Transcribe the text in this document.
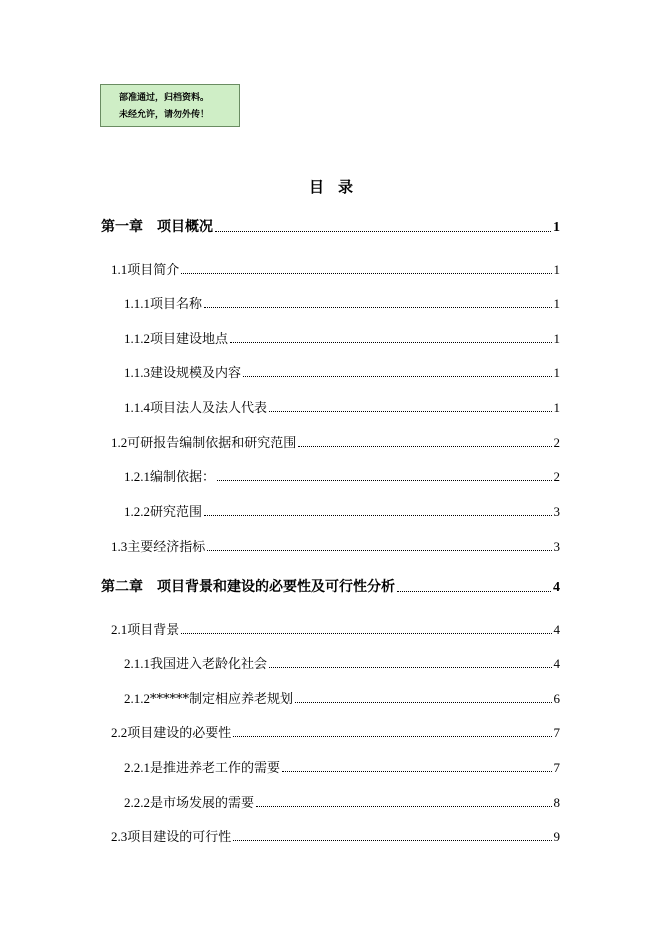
部准通过，归档资料。
未经允许，请勿外传！
目录
第一章 项目概况	1
1.1 项目简介	1
1.1.1 项目名称	1
1.1.2 项目建设地点	1
1.1.3 建设规模及内容	1
1.1.4 项目法人及法人代表	1
1.2 可研报告编制依据和研究范围	2
1.2.1 编制依据：	2
1.2.2 研究范围	3
1.3 主要经济指标	3
第二章 项目背景和建设的必要性及可行性分析	4
2.1 项目背景	4
2.1.1 我国进入老龄化社会	4
2.1.2 ******制定相应养老规划	6
2.2 项目建设的必要性	7
2.2.1 是推进养老工作的需要	7
2.2.2 是市场发展的需要	8
2.3 项目建设的可行性	9
